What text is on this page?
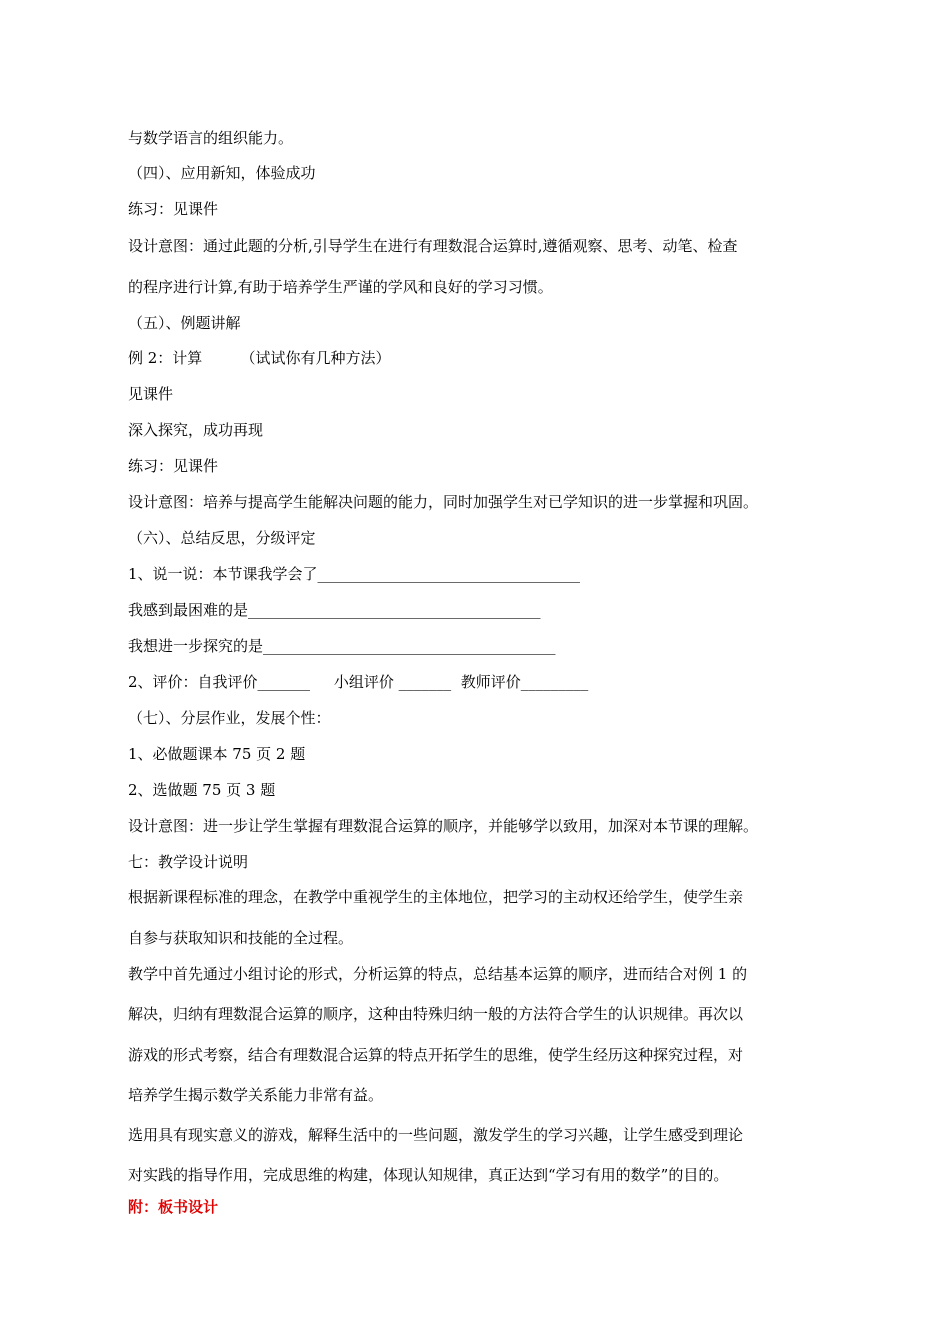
与数学语言的组织能力。
（四）、应用新知，体验成功
练习：见课件
设计意图：通过此题的分析,引导学生在进行有理数混合运算时,遵循观察、思考、动笔、检查
的程序进行计算,有助于培养学生严谨的学风和良好的学习习惯。
（五）、例题讲解
例 2：计算        （试试你有几种方法）
见课件
深入探究，成功再现
练习：见课件
设计意图：培养与提高学生能解决问题的能力，同时加强学生对已学知识的进一步掌握和巩固。
（六）、总结反思，分级评定
1、说一说：本节课我学会了___________________________________
我感到最困难的是_______________________________________
我想进一步探究的是_______________________________________
2、评价：自我评价_______     小组评价 _______  教师评价_________
（七）、分层作业，发展个性：
1、必做题课本 75 页 2 题
2、选做题 75 页 3 题
设计意图：进一步让学生掌握有理数混合运算的顺序，并能够学以致用，加深对本节课的理解。
七：教学设计说明
根据新课程标准的理念，在教学中重视学生的主体地位，把学习的主动权还给学生，使学生亲
自参与获取知识和技能的全过程。
教学中首先通过小组讨论的形式，分析运算的特点，总结基本运算的顺序，进而结合对例 1 的
解决，归纳有理数混合运算的顺序，这种由特殊归纳一般的方法符合学生的认识规律。再次以
游戏的形式考察，结合有理数混合运算的特点开拓学生的思维，使学生经历这种探究过程，对
培养学生揭示数学关系能力非常有益。
选用具有现实意义的游戏，解释生活中的一些问题，激发学生的学习兴趣，让学生感受到理论
对实践的指导作用，完成思维的构建，体现认知规律，真正达到“学习有用的数学”的目的。
附：板书设计
